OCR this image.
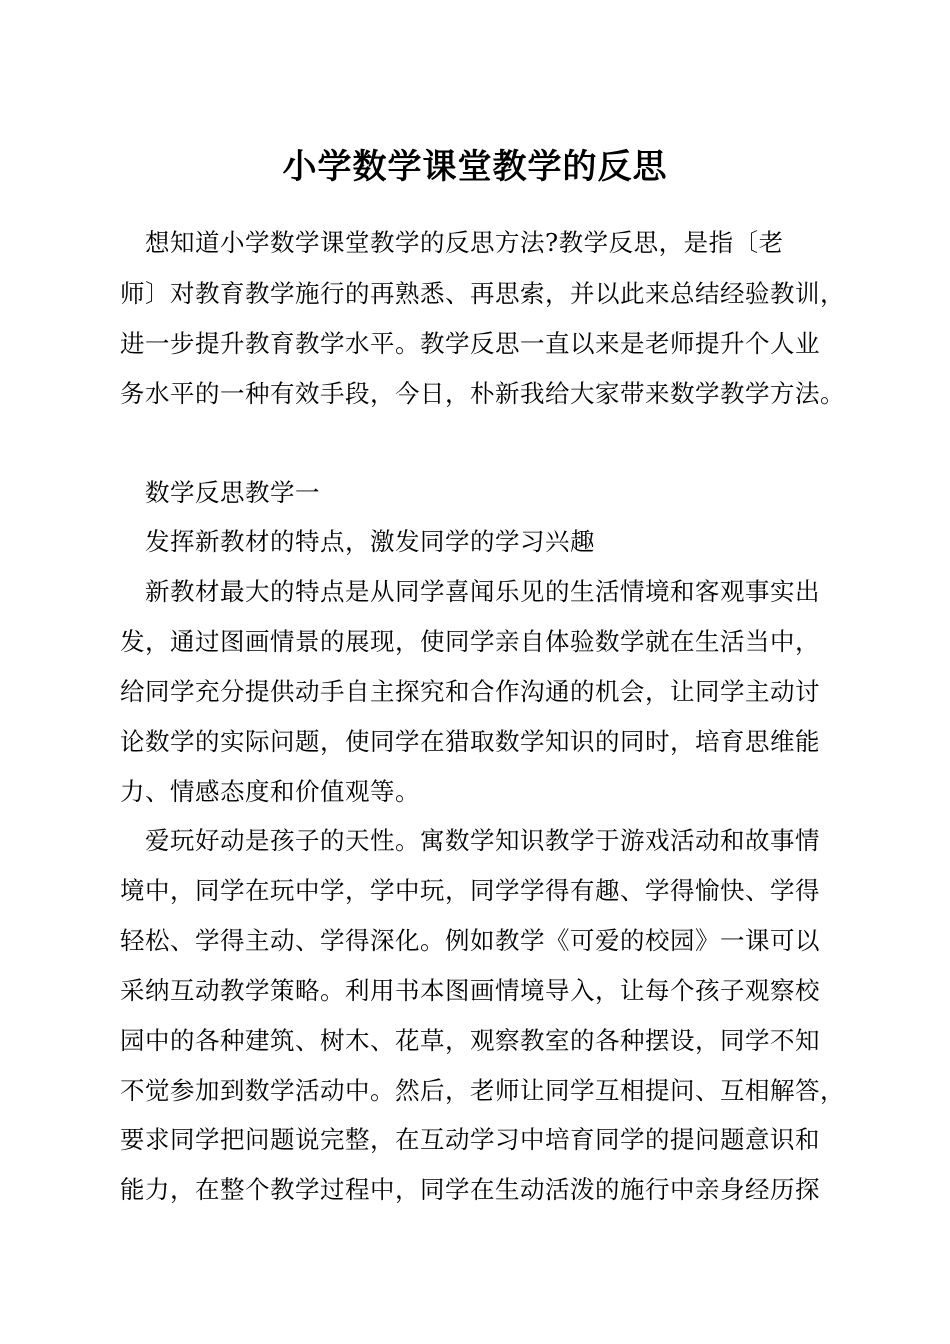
小学数学课堂教学的反思
　想知道小学数学课堂教学的反思方法?教学反思，是指〔老
师〕对教育教学施行的再熟悉、再思索，并以此来总结经验教训，
进一步提升教育教学水平。教学反思一直以来是老师提升个人业
务水平的一种有效手段，今日，朴新我给大家带来数学教学方法。
　数学反思教学一
　发挥新教材的特点，激发同学的学习兴趣
　新教材最大的特点是从同学喜闻乐见的生活情境和客观事实出
发，通过图画情景的展现，使同学亲自体验数学就在生活当中，
给同学充分提供动手自主探究和合作沟通的机会，让同学主动讨
论数学的实际问题，使同学在猎取数学知识的同时，培育思维能
力、情感态度和价值观等。
　爱玩好动是孩子的天性。寓数学知识教学于游戏活动和故事情
境中，同学在玩中学，学中玩，同学学得有趣、学得愉快、学得
轻松、学得主动、学得深化。例如教学《可爱的校园》一课可以
采纳互动教学策略。利用书本图画情境导入，让每个孩子观察校
园中的各种建筑、树木、花草，观察教室的各种摆设，同学不知
不觉参加到数学活动中。然后，老师让同学互相提问、互相解答，
要求同学把问题说完整，在互动学习中培育同学的提问题意识和
能力，在整个教学过程中，同学在生动活泼的施行中亲身经历探
